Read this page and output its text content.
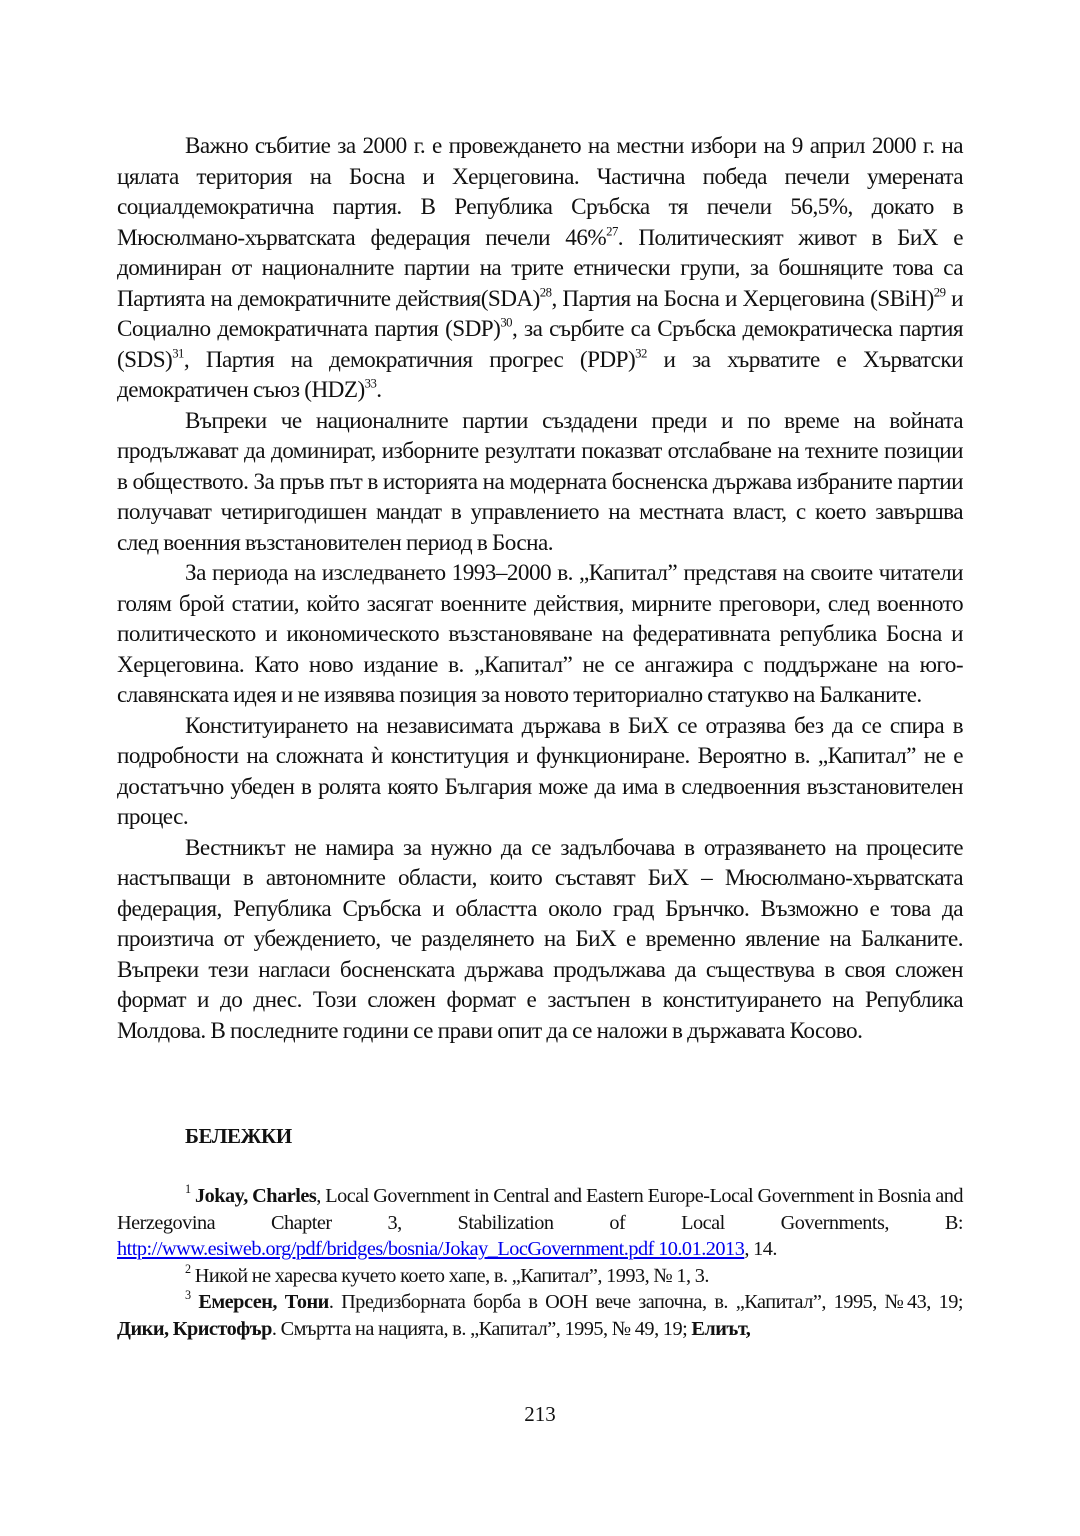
Важно събитие за 2000 г. е провеждането на местни избори на 9 април 2000 г. на цялата територия на Босна и Херцеговина. Частична победа печели умерената социалдемократична партия. В Република Сръбска тя печели 56,5%, докато в Мюсюлмано-хърватската федерация печели 46%$^{27}$. Политическият живот в БиХ е доминиран от националните партии на трите етнически групи, за бошняците това са Партията на демократичните действия(SDA)$^{28}$, Партия на Босна и Херцеговина (SBiH)$^{29}$ и Социално демократичната партия (SDP)$^{30}$, за сърбите са Сръбска демократическа партия (SDS)$^{31}$, Партия на демократичния прогрес (PDP)$^{32}$ и за хърватите е Хърватски демократичен съюз (HDZ)$^{33}$.

Въпреки че националните партии създадени преди и по време на войната продължават да доминират, изборните резултати показват отслабване на техните позиции в обществото. За пръв път в историята на модерната босненска държава избраните партии получават четиригодишен мандат в управлението на местната власт, с което завършва след военния възстановителен период в Босна.

За периода на изследването 1993–2000 в. „Капитал” представя на своите читатели голям брой статии, който засягат военните действия, мирните преговори, след военното политическото и икономическото възстановяване на федеративната република Босна и Херцеговина. Като ново издание в. „Капитал” не се ангажира с поддържане на юго-славянската идея и не изявява позиция за новото териториално статукво на Балканите.

Конституирането на независимата държава в БиХ се отразява без да се спира в подробности на сложната ѝ конституция и функциониране. Вероятно в. „Капитал” не е достатъчно убеден в ролята която България може да има в следвоенния възстановителен процес.

Вестникът не намира за нужно да се задълбочава в отразяването на процесите настъпващи в автономните области, които съставят БиХ – Мюсюлмано-хърватската федерация, Република Сръбска и областта около град Брънчко. Възможно е това да произтича от убеждението, че разделянето на БиХ е временно явление на Балканите. Въпреки тези нагласи босненската държава продължава да съществува в своя сложен формат и до днес. Този сложен формат е застъпен в конституирането на Република Молдова. В последните години се прави опит да се наложи в държавата Косово.

БЕЛЕЖКИ

$^1$ Jokay, Charles, Local Government in Central and Eastern Europe-Local Government in Bosnia and Herzegovina Chapter 3, Stabilization of Local Governments, В: http://www.esiweb.org/pdf/bridges/bosnia/Jokay_LocGovernment.pdf 10.01.2013, 14.

$^2$ Никой не харесва кучето което хапе, в. „Капитал”, 1993, № 1, 3.

$^3$ Емерсен, Тони. Предизборната борба в ООН вече започна, в. „Капитал”, 1995, №43, 19; Дики, Кристофър. Смъртта на нацията, в. „Капитал”, 1995, № 49, 19; Елиът,

213
